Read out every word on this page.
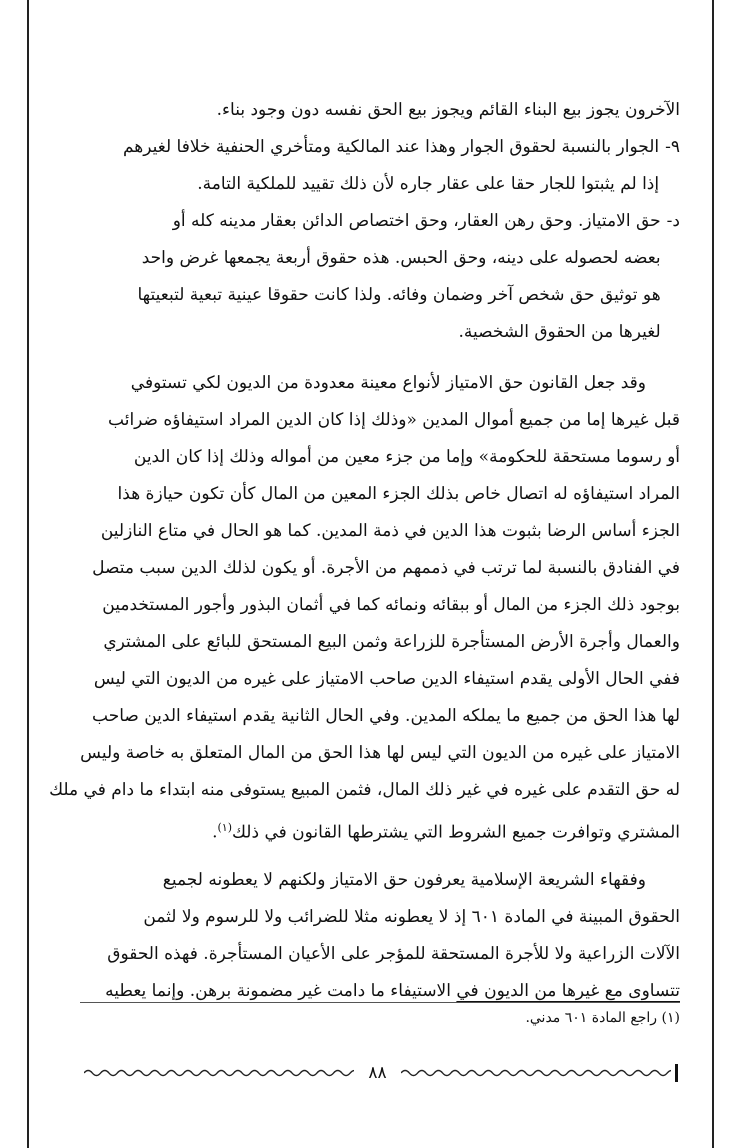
الآخرون يجوز بيع البناء القائم ويجوز بيع الحق نفسه دون وجود بناء.
٩-
الجوار بالنسبة لحقوق الجوار وهذا عند المالكية ومتأخري الحنفية خلافا لغيرهم
إذا لم يثبتوا للجار حقا على عقار جاره لأن ذلك تقييد للملكية التامة.
د-
حق الامتياز. وحق رهن العقار، وحق اختصاص الدائن بعقار مدينه كله أو
بعضه لحصوله على دينه، وحق الحبس. هذه حقوق أربعة يجمعها غرض واحد
هو توثيق حق شخص آخر وضمان وفائه. ولذا كانت حقوقا عينية تبعية لتبعيتها
لغيرها من الحقوق الشخصية.
وقد جعل القانون حق الامتياز لأنواع معينة معدودة من الديون لكي تستوفي
قبل غيرها إما من جميع أموال المدين «وذلك إذا كان الدين المراد استيفاؤه ضرائب
أو رسوما مستحقة للحكومة» وإما من جزء معين من أمواله وذلك إذا كان الدين
المراد استيفاؤه له اتصال خاص بذلك الجزء المعين من المال كأن تكون حيازة هذا
الجزء أساس الرضا بثبوت هذا الدين في ذمة المدين. كما هو الحال في متاع النازلين
في الفنادق بالنسبة لما ترتب في ذممهم من الأجرة. أو يكون لذلك الدين سبب متصل
بوجود ذلك الجزء من المال أو ببقائه ونمائه كما في أثمان البذور وأجور المستخدمين
والعمال وأجرة الأرض المستأجرة للزراعة وثمن البيع المستحق للبائع على المشتري
ففي الحال الأولى يقدم استيفاء الدين صاحب الامتياز على غيره من الديون التي ليس
لها هذا الحق من جميع ما يملكه المدين. وفي الحال الثانية يقدم استيفاء الدين صاحب
الامتياز على غيره من الديون التي ليس لها هذا الحق من المال المتعلق به خاصة وليس
له حق التقدم على غيره في غير ذلك المال، فثمن المبيع يستوفى منه ابتداء ما دام في ملك
المشتري وتوافرت جميع الشروط التي يشترطها القانون في ذلك$^{(١)}$.
وفقهاء الشريعة الإسلامية يعرفون حق الامتياز ولكنهم لا يعطونه لجميع
الحقوق المبينة في المادة ٦٠١ إذ لا يعطونه مثلا للضرائب ولا للرسوم ولا لثمن
الآلات الزراعية ولا للأجرة المستحقة للمؤجر على الأعيان المستأجرة. فهذه الحقوق
تتساوى مع غيرها من الديون في الاستيفاء ما دامت غير مضمونة برهن. وإنما يعطيه
(١) راجع المادة ٦٠١ مدني.
٨٨
